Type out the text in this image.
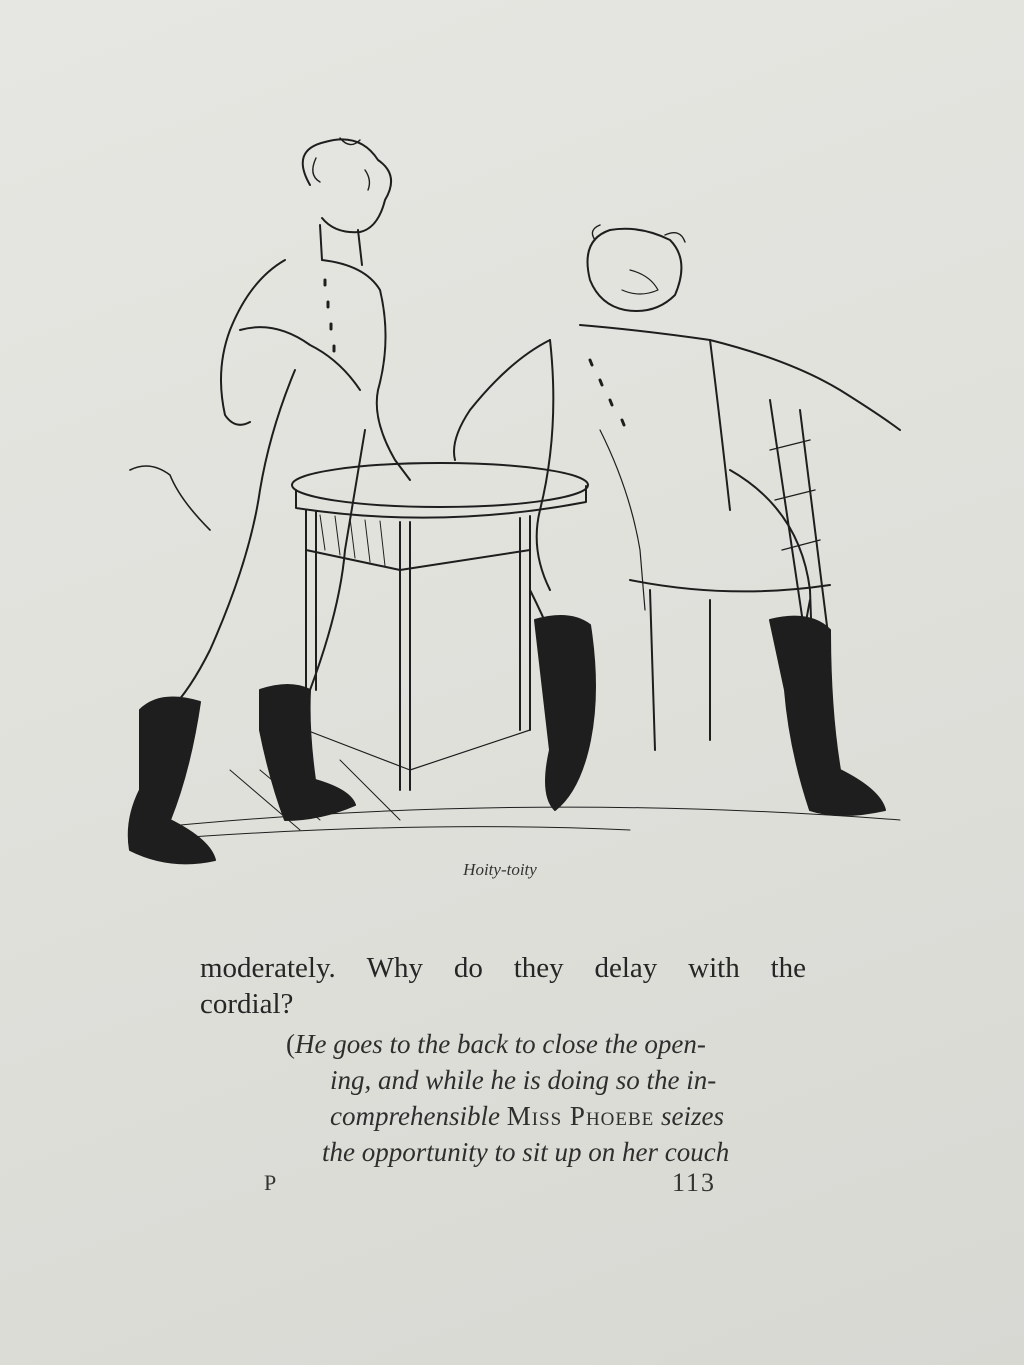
Hoity-toity
moderately. Why do they delay with the
cordial?
(He goes to the back to close the open-
ing, and while he is doing so the in-
comprehensible Miss Phoebe seizes
the opportunity to sit up on her couch
P	113
